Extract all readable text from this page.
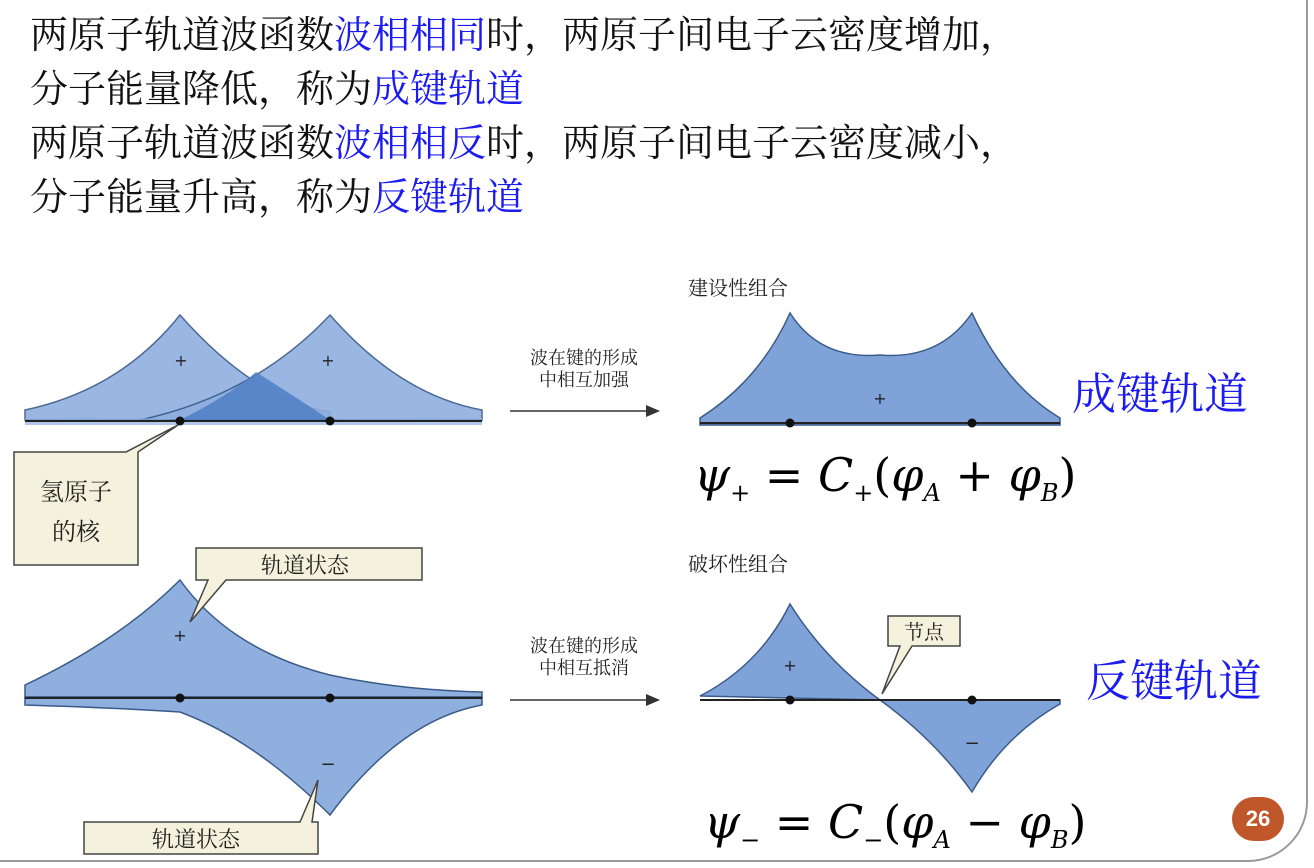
两原子轨道波函数波相相同时，两原子间电子云密度增加，
分子能量降低，称为成键轨道
两原子轨道波函数波相相反时，两原子间电子云密度减小，
分子能量升高，称为反键轨道
+	+
氢原子
的核
波在键的形成
中相互加强
建设性组合
+
+
−
轨道状态
轨道状态
波在键的形成
中相互抵消
破坏性组合
+
−
节点
成键轨道
反键轨道
$\psi_+ = C_+(\varphi_A + \varphi_B)$
$\psi_- = C_-(\varphi_A - \varphi_B)$	26
